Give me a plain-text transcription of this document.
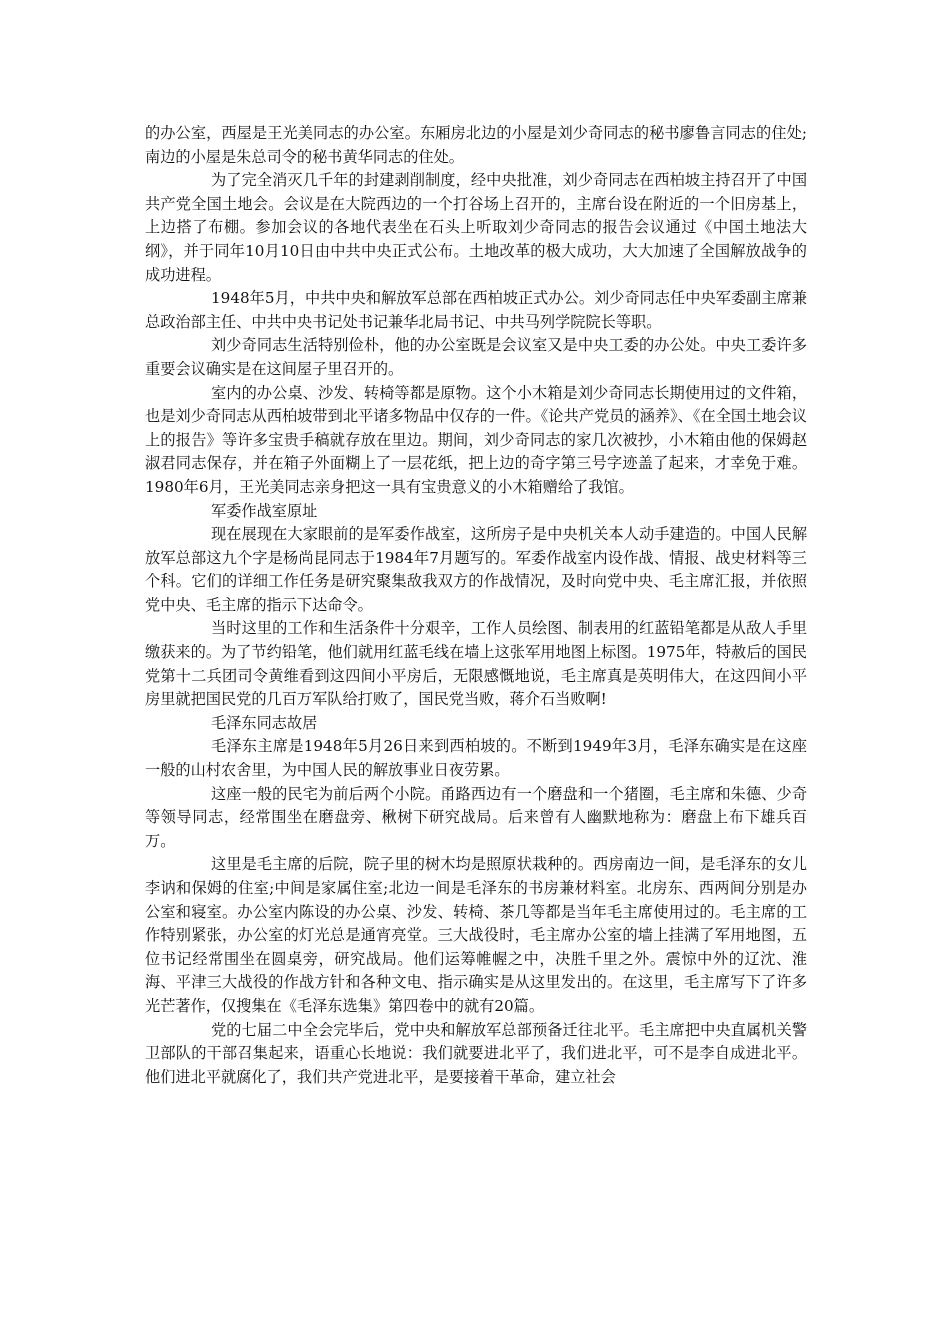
的办公室，西屋是王光美同志的办公室。东厢房北边的小屋是刘少奇同志的秘书廖鲁言同志的住处;南边的小屋是朱总司令的秘书黄华同志的住处。

为了完全消灭几千年的封建剥削制度，经中央批准，刘少奇同志在西柏坡主持召开了中国共产党全国土地会。会议是在大院西边的一个打谷场上召开的，主席台设在附近的一个旧房基上，上边搭了布棚。参加会议的各地代表坐在石头上听取刘少奇同志的报告会议通过《中国土地法大纲》，并于同年10月10日由中共中央正式公布。土地改革的极大成功，大大加速了全国解放战争的成功进程。

1948年5月，中共中央和解放军总部在西柏坡正式办公。刘少奇同志任中央军委副主席兼总政治部主任、中共中央书记处书记兼华北局书记、中共马列学院院长等职。

刘少奇同志生活特别俭朴，他的办公室既是会议室又是中央工委的办公处。中央工委许多重要会议确实是在这间屋子里召开的。

室内的办公桌、沙发、转椅等都是原物。这个小木箱是刘少奇同志长期使用过的文件箱，也是刘少奇同志从西柏坡带到北平诸多物品中仅存的一件。《论共产党员的涵养》、《在全国土地会议上的报告》等许多宝贵手稿就存放在里边。期间，刘少奇同志的家几次被抄，小木箱由他的保姆赵淑君同志保存，并在箱子外面糊上了一层花纸，把上边的奇字第三号字迹盖了起来，才幸免于难。1980年6月，王光美同志亲身把这一具有宝贵意义的小木箱赠给了我馆。

军委作战室原址

现在展现在大家眼前的是军委作战室，这所房子是中央机关本人动手建造的。中国人民解放军总部这九个字是杨尚昆同志于1984年7月题写的。军委作战室内设作战、情报、战史材料等三个科。它们的详细工作任务是研究聚集敌我双方的作战情况，及时向党中央、毛主席汇报，并依照党中央、毛主席的指示下达命令。

当时这里的工作和生活条件十分艰辛，工作人员绘图、制表用的红蓝铅笔都是从敌人手里缴获来的。为了节约铅笔，他们就用红蓝毛线在墙上这张军用地图上标图。1975年，特赦后的国民党第十二兵团司令黄维看到这四间小平房后，无限感慨地说，毛主席真是英明伟大，在这四间小平房里就把国民党的几百万军队给打败了，国民党当败，蒋介石当败啊!

毛泽东同志故居

毛泽东主席是1948年5月26日来到西柏坡的。不断到1949年3月，毛泽东确实是在这座一般的山村农舍里，为中国人民的解放事业日夜劳累。

这座一般的民宅为前后两个小院。甬路西边有一个磨盘和一个猪圈，毛主席和朱德、少奇等领导同志，经常围坐在磨盘旁、楸树下研究战局。后来曾有人幽默地称为：磨盘上布下雄兵百万。

这里是毛主席的后院，院子里的树木均是照原状栽种的。西房南边一间，是毛泽东的女儿李讷和保姆的住室;中间是家属住室;北边一间是毛泽东的书房兼材料室。北房东、西两间分别是办公室和寝室。办公室内陈设的办公桌、沙发、转椅、茶几等都是当年毛主席使用过的。毛主席的工作特别紧张，办公室的灯光总是通宵亮堂。三大战役时，毛主席办公室的墙上挂满了军用地图，五位书记经常围坐在圆桌旁，研究战局。他们运筹帷幄之中，决胜千里之外。震惊中外的辽沈、淮海、平津三大战役的作战方针和各种文电、指示确实是从这里发出的。在这里，毛主席写下了许多光芒著作，仅搜集在《毛泽东选集》第四卷中的就有20篇。

党的七届二中全会完毕后，党中央和解放军总部预备迁往北平。毛主席把中央直属机关警卫部队的干部召集起来，语重心长地说：我们就要进北平了，我们进北平，可不是李自成进北平。他们进北平就腐化了，我们共产党进北平，是要接着干革命，建立社会
